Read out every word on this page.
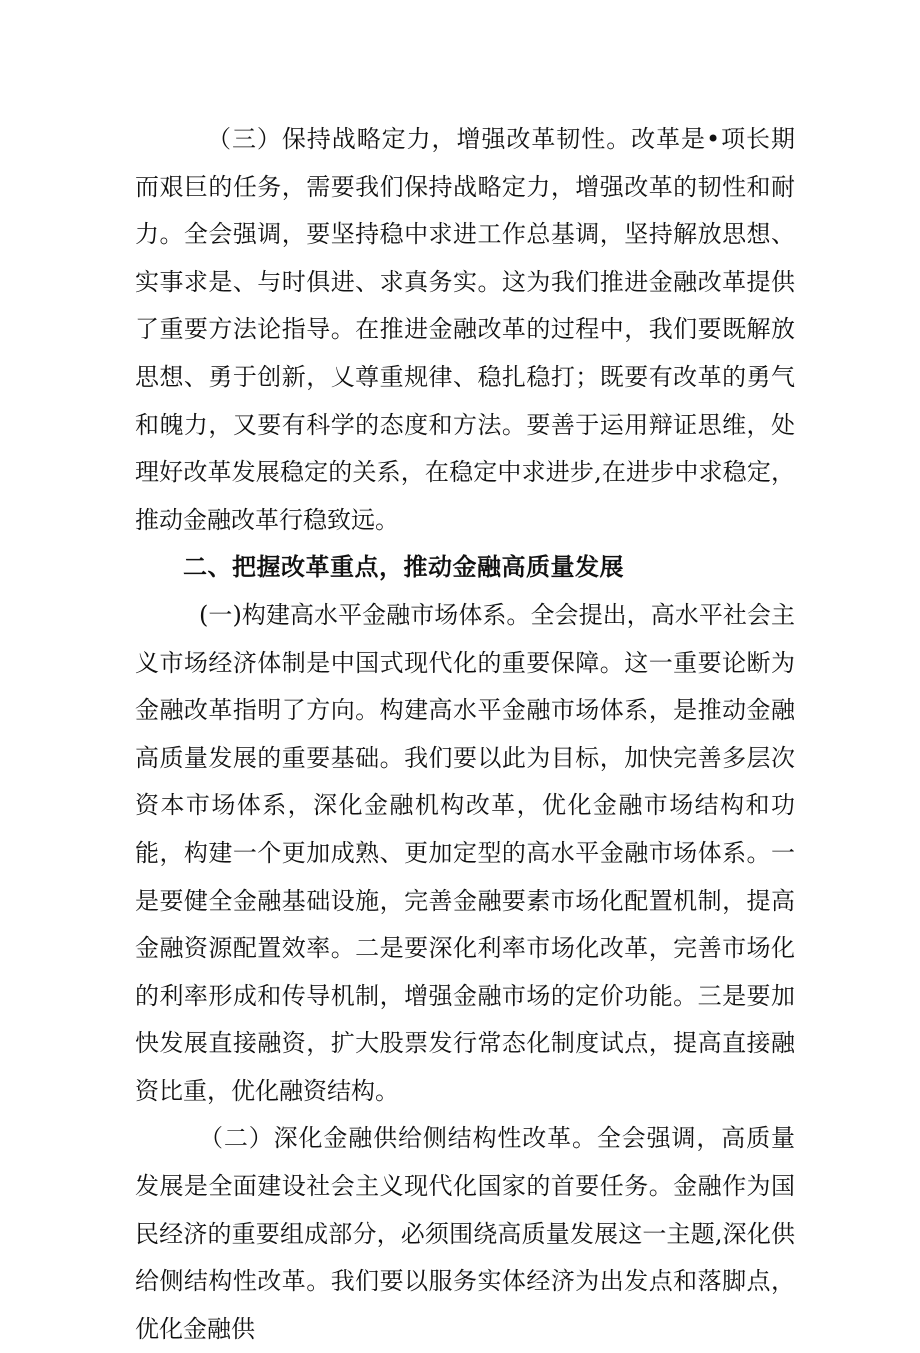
（三）保持战略定力，增强改革韧性。改革是•项长期而艰巨的任务，需要我们保持战略定力，增强改革的韧性和耐力。全会强调，要坚持稳中求进工作总基调，坚持解放思想、实事求是、与时俱进、求真务实。这为我们推进金融改革提供了重要方法论指导。在推进金融改革的过程中，我们要既解放思想、勇于创新，乂尊重规律、稳扎稳打；既要有改革的勇气和魄力，又要有科学的态度和方法。要善于运用辩证思维，处理好改革发展稳定的关系，在稳定中求进步,在进步中求稳定，推动金融改革行稳致远。

二、把握改革重点，推动金融高质量发展

(一)构建高水平金融市场体系。全会提出，高水平社会主义市场经济体制是中国式现代化的重要保障。这一重要论断为金融改革指明了方向。构建高水平金融市场体系，是推动金融高质量发展的重要基础。我们要以此为目标，加快完善多层次资本市场体系，深化金融机构改革，优化金融市场结构和功能，构建一个更加成熟、更加定型的高水平金融市场体系。一是要健全金融基础设施，完善金融要素市场化配置机制，提高金融资源配置效率。二是要深化利率市场化改革，完善市场化的利率形成和传导机制，增强金融市场的定价功能。三是要加快发展直接融资，扩大股票发行常态化制度试点，提高直接融资比重，优化融资结构。

（二）深化金融供给侧结构性改革。全会强调，高质量发展是全面建设社会主义现代化国家的首要任务。金融作为国民经济的重要组成部分，必须围绕高质量发展这一主题,深化供给侧结构性改革。我们要以服务实体经济为出发点和落脚点，优化金融供
